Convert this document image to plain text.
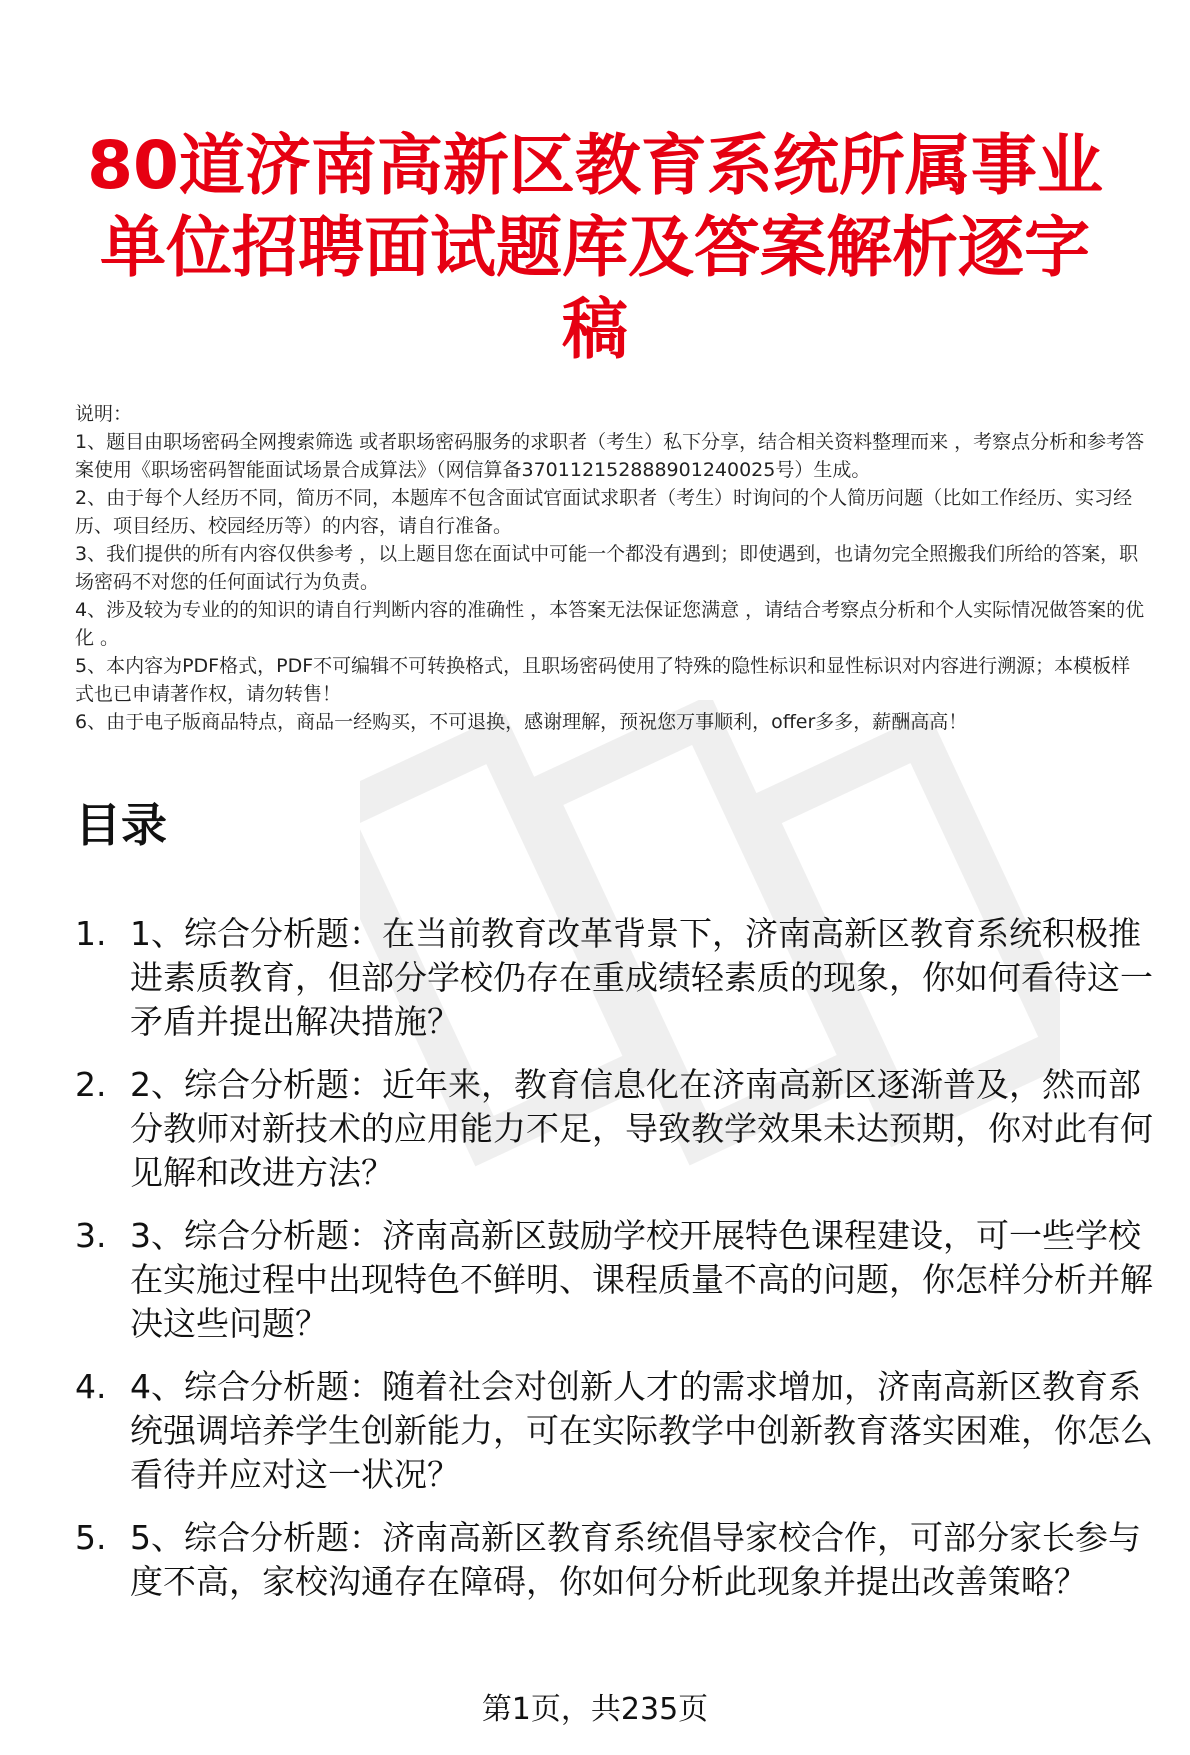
80道济南高新区教育系统所属事业单位招聘面试题库及答案解析逐字稿

说明：

1、题目由职场密码全网搜索筛选 或者职场密码服务的求职者（考生）私下分享，结合相关资料整理而来 ，考察点分析和参考答案使用《职场密码智能面试场景合成算法》（网信算备370112152888901240025号）生成。

2、由于每个人经历不同，简历不同，本题库不包含面试官面试求职者（考生）时询问的个人简历问题（比如工作经历、实习经历、项目经历、校园经历等）的内容，请自行准备。

3、我们提供的所有内容仅供参考 ，以上题目您在面试中可能一个都没有遇到；即使遇到，也请勿完全照搬我们所给的答案，职场密码不对您的任何面试行为负责。

4、涉及较为专业的的知识的请自行判断内容的准确性 ，本答案无法保证您满意 ，请结合考察点分析和个人实际情况做答案的优化 。

5、本内容为PDF格式，PDF不可编辑不可转换格式，且职场密码使用了特殊的隐性标识和显性标识对内容进行溯源；本模板样式也已申请著作权，请勿转售！

6、由于电子版商品特点，商品一经购买，不可退换，感谢理解，预祝您万事顺利，offer多多，薪酬高高！

目录
1. 1、综合分析题：在当前教育改革背景下，济南高新区教育系统积极推进素质教育，但部分学校仍存在重成绩轻素质的现象，你如何看待这一矛盾并提出解决措施？
2. 2、综合分析题：近年来，教育信息化在济南高新区逐渐普及，然而部分教师对新技术的应用能力不足，导致教学效果未达预期，你对此有何见解和改进方法？
3. 3、综合分析题：济南高新区鼓励学校开展特色课程建设，可一些学校在实施过程中出现特色不鲜明、课程质量不高的问题，你怎样分析并解决这些问题？
4. 4、综合分析题：随着社会对创新人才的需求增加，济南高新区教育系统强调培养学生创新能力，可在实际教学中创新教育落实困难，你怎么看待并应对这一状况？
5. 5、综合分析题：济南高新区教育系统倡导家校合作，可部分家长参与度不高，家校沟通存在障碍，你如何分析此现象并提出改善策略？
第1页，共235页
